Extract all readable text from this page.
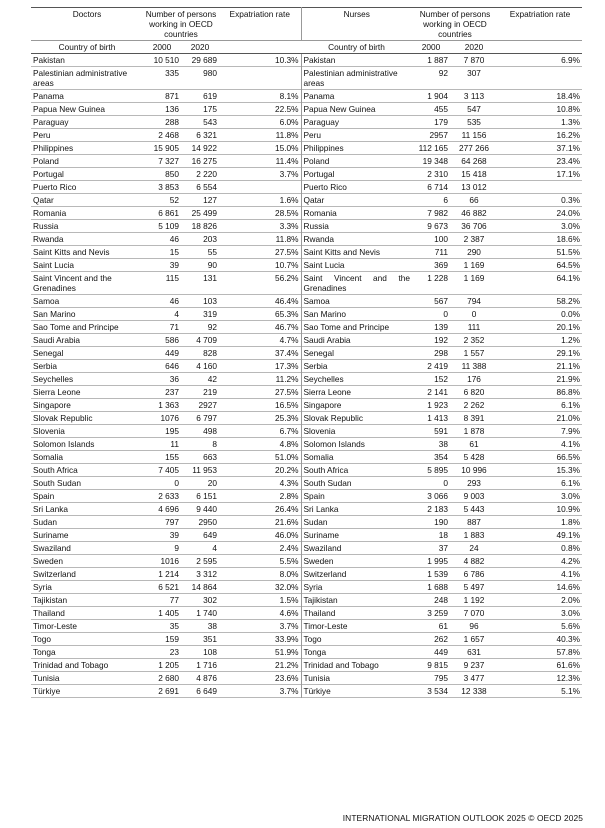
Doctors	Number of persons working in OECD countries		Expatriation rate	Nurses	Number of persons working in OECD countries		Expatriation rate
Country of birth	2000	2020		Country of birth	2000	2020	
Pakistan	10 510	29 689	10.3%	Pakistan	1 887	7 870	6.9%
Palestinian administrative areas	335	980		Palestinian administrative areas	92	307	
Panama	871	619	8.1%	Panama	1 904	3 113	18.4%
Papua New Guinea	136	175	22.5%	Papua New Guinea	455	547	10.8%
Paraguay	288	543	6.0%	Paraguay	179	535	1.3%
Peru	2 468	6 321	11.8%	Peru	2957	11 156	16.2%
Philippines	15 905	14 922	15.0%	Philippines	112 165	277 266	37.1%
Poland	7 327	16 275	11.4%	Poland	19 348	64 268	23.4%
Portugal	850	2 220	3.7%	Portugal	2 310	15 418	17.1%
Puerto Rico	3 853	6 554		Puerto Rico	6 714	13 012	
Qatar	52	127	1.6%	Qatar	6	66	0.3%
Romania	6 861	25 499	28.5%	Romania	7 982	46 882	24.0%
Russia	5 109	18 826	3.3%	Russia	9 673	36 706	3.0%
Rwanda	46	203	11.8%	Rwanda	100	2 387	18.6%
Saint Kitts and Nevis	15	55	27.5%	Saint Kitts and Nevis	711	290	51.5%
Saint Lucia	39	90	10.7%	Saint Lucia	369	1 169	64.5%
Saint Vincent and the Grenadines	115	131	56.2%	Saint Vincent and the Grenadines	1 228	1 169	64.1%
Samoa	46	103	46.4%	Samoa	567	794	58.2%
San Marino	4	319	65.3%	San Marino	0	0	0.0%
Sao Tome and Principe	71	92	46.7%	Sao Tome and Principe	139	111	20.1%
Saudi Arabia	586	4 709	4.7%	Saudi Arabia	192	2 352	1.2%
Senegal	449	828	37.4%	Senegal	298	1 557	29.1%
Serbia	646	4 160	17.3%	Serbia	2 419	11 388	21.1%
Seychelles	36	42	11.2%	Seychelles	152	176	21.9%
Sierra Leone	237	219	27.5%	Sierra Leone	2 141	6 820	86.8%
Singapore	1 363	2927	16.5%	Singapore	1 923	2 262	6.1%
Slovak Republic	1076	6 797	25.3%	Slovak Republic	1 413	8 391	21.0%
Slovenia	195	498	6.7%	Slovenia	591	1 878	7.9%
Solomon Islands	11	8	4.8%	Solomon Islands	38	61	4.1%
Somalia	155	663	51.0%	Somalia	354	5 428	66.5%
South Africa	7 405	11 953	20.2%	South Africa	5 895	10 996	15.3%
South Sudan	0	20	4.3%	South Sudan	0	293	6.1%
Spain	2 633	6 151	2.8%	Spain	3 066	9 003	3.0%
Sri Lanka	4 696	9 440	26.4%	Sri Lanka	2 183	5 443	10.9%
Sudan	797	2950	21.6%	Sudan	190	887	1.8%
Suriname	39	649	46.0%	Suriname	18	1 883	49.1%
Swaziland	9	4	2.4%	Swaziland	37	24	0.8%
Sweden	1016	2 595	5.5%	Sweden	1 995	4 882	4.2%
Switzerland	1 214	3 312	8.0%	Switzerland	1 539	6 786	4.1%
Syria	6 521	14 864	32.0%	Syria	1 688	5 497	14.6%
Tajikistan	77	302	1.5%	Tajikistan	248	1 192	2.0%
Thailand	1 405	1 740	4.6%	Thailand	3 259	7 070	3.0%
Timor-Leste	35	38	3.7%	Timor-Leste	61	96	5.6%
Togo	159	351	33.9%	Togo	262	1 657	40.3%
Tonga	23	108	51.9%	Tonga	449	631	57.8%
Trinidad and Tobago	1 205	1 716	21.2%	Trinidad and Tobago	9 815	9 237	61.6%
Tunisia	2 680	4 876	23.6%	Tunisia	795	3 477	12.3%
Türkiye	2 691	6 649	3.7%	Türkiye	3 534	12 338	5.1%
INTERNATIONAL MIGRATION OUTLOOK 2025 © OECD 2025
